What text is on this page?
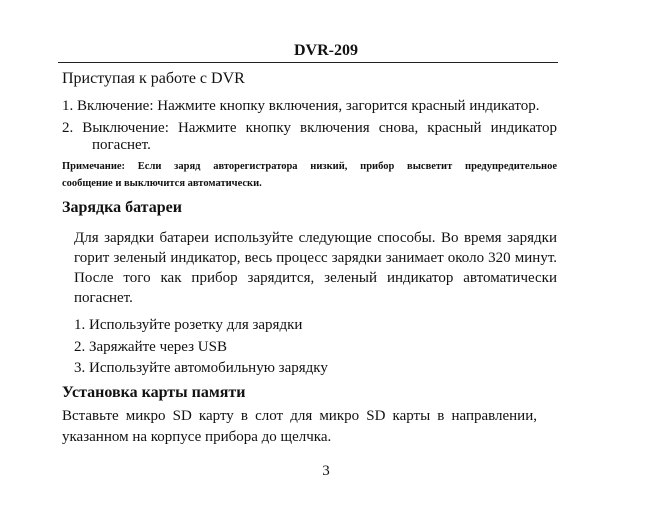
DVR-209
Приступая к работе с DVR
1. Включение: Нажмите кнопку включения, загорится красный индикатор.
2. Выключение: Нажмите кнопку включения снова, красный индикатор
погаснет.
Примечание: Если заряд авторегистратора низкий, прибор высветит предупредительное
сообщение и выключится автоматически.
Зарядка батареи
Для зарядки батареи используйте следующие способы. Во время зарядки
горит зеленый индикатор, весь процесс зарядки занимает около 320 минут.
После того как прибор зарядится, зеленый индикатор автоматически
погаснет.
1. Используйте розетку для зарядки
2. Заряжайте через USB
3. Используйте автомобильную зарядку
Установка карты памяти
Вставьте микро SD карту в слот для микро SD карты в направлении,
указанном на корпусе прибора до щелчка.
3
